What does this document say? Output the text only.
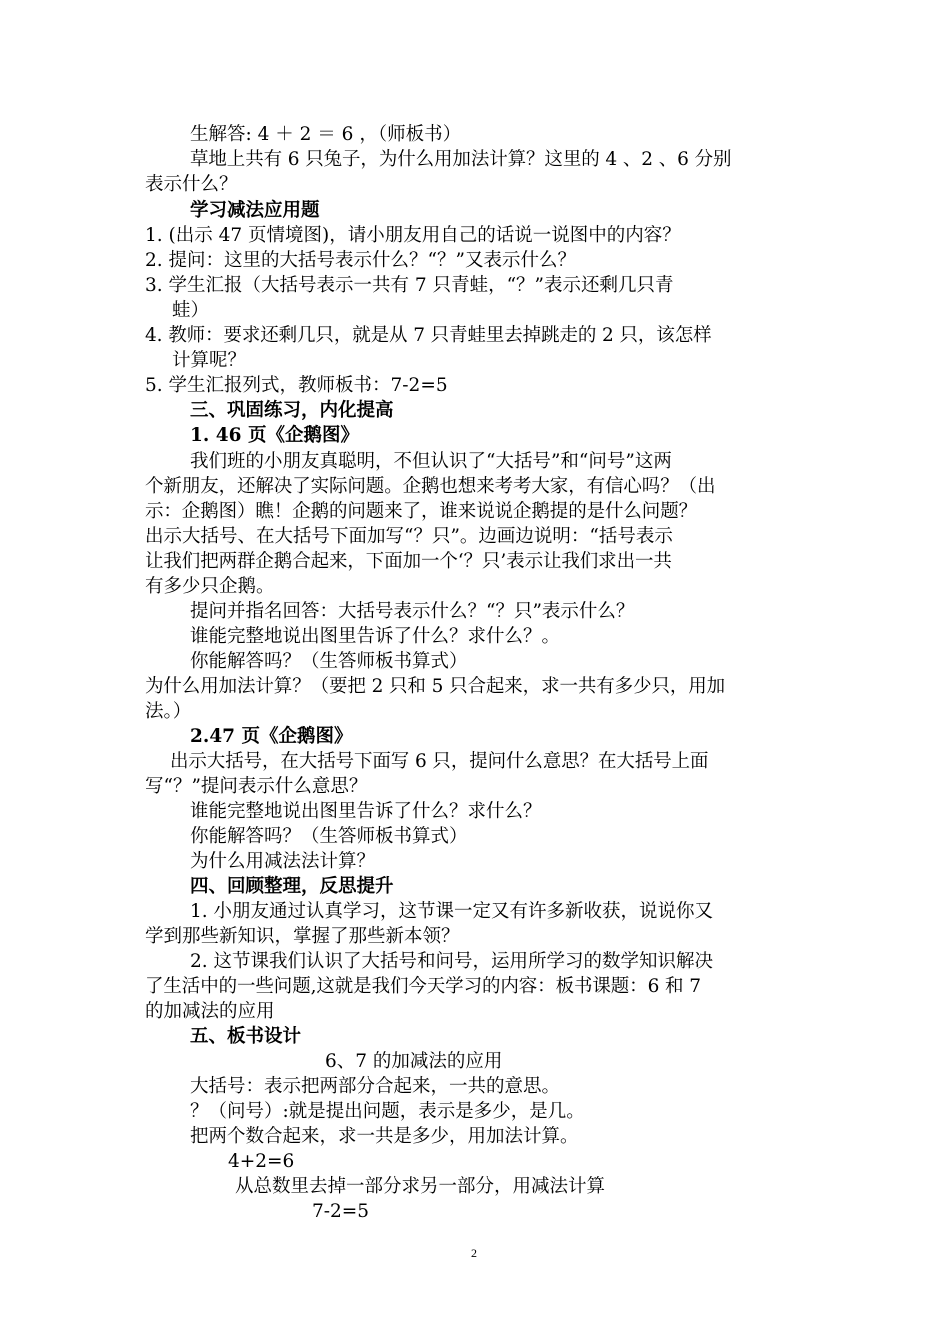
生解答: 4 ＋ 2 ＝ 6 ，（师板书）
草地上共有 6 只兔子，为什么用加法计算？这里的 4 、2 、6 分别
表示什么？
学习减法应用题
1. (出示 47 页情境图)，请小朋友用自己的话说一说图中的内容？
2. 提问：这里的大括号表示什么？“？”又表示什么？
3. 学生汇报（大括号表示一共有 7 只青蛙，“？”表示还剩几只青
蛙）
4. 教师：要求还剩几只，就是从 7 只青蛙里去掉跳走的 2 只，该怎样
计算呢？
5. 学生汇报列式，教师板书：7-2=5
三、巩固练习，内化提高
1. 46 页《企鹅图》
我们班的小朋友真聪明，不但认识了“大括号”和“问号”这两
个新朋友，还解决了实际问题。企鹅也想来考考大家，有信心吗？（出
示：企鹅图）瞧！企鹅的问题来了，谁来说说企鹅提的是什么问题？
出示大括号、在大括号下面加写“？只”。边画边说明：“括号表示
让我们把两群企鹅合起来，下面加一个‘？只’表示让我们求出一共
有多少只企鹅。
提问并指名回答：大括号表示什么？“？只”表示什么？
谁能完整地说出图里告诉了什么？求什么？。
你能解答吗？（生答师板书算式）
为什么用加法计算？（要把 2 只和 5 只合起来，求一共有多少只，用加
法。）
2.47 页《企鹅图》
出示大括号，在大括号下面写 6 只，提问什么意思？在大括号上面
写“？”提问表示什么意思？
谁能完整地说出图里告诉了什么？求什么？
你能解答吗？（生答师板书算式）
为什么用减法法计算？
四、回顾整理，反思提升
1. 小朋友通过认真学习，这节课一定又有许多新收获，说说你又
学到那些新知识，掌握了那些新本领？
2. 这节课我们认识了大括号和问号，运用所学习的数学知识解决
了生活中的一些问题,这就是我们今天学习的内容：板书课题：6 和 7
的加减法的应用
五、板书设计
6、7 的加减法的应用
大括号：表示把两部分合起来，一共的意思。
？（问号）:就是提出问题，表示是多少，是几。
把两个数合起来，求一共是多少，用加法计算。
4+2=6
从总数里去掉一部分求另一部分，用减法计算
7-2=5
2
